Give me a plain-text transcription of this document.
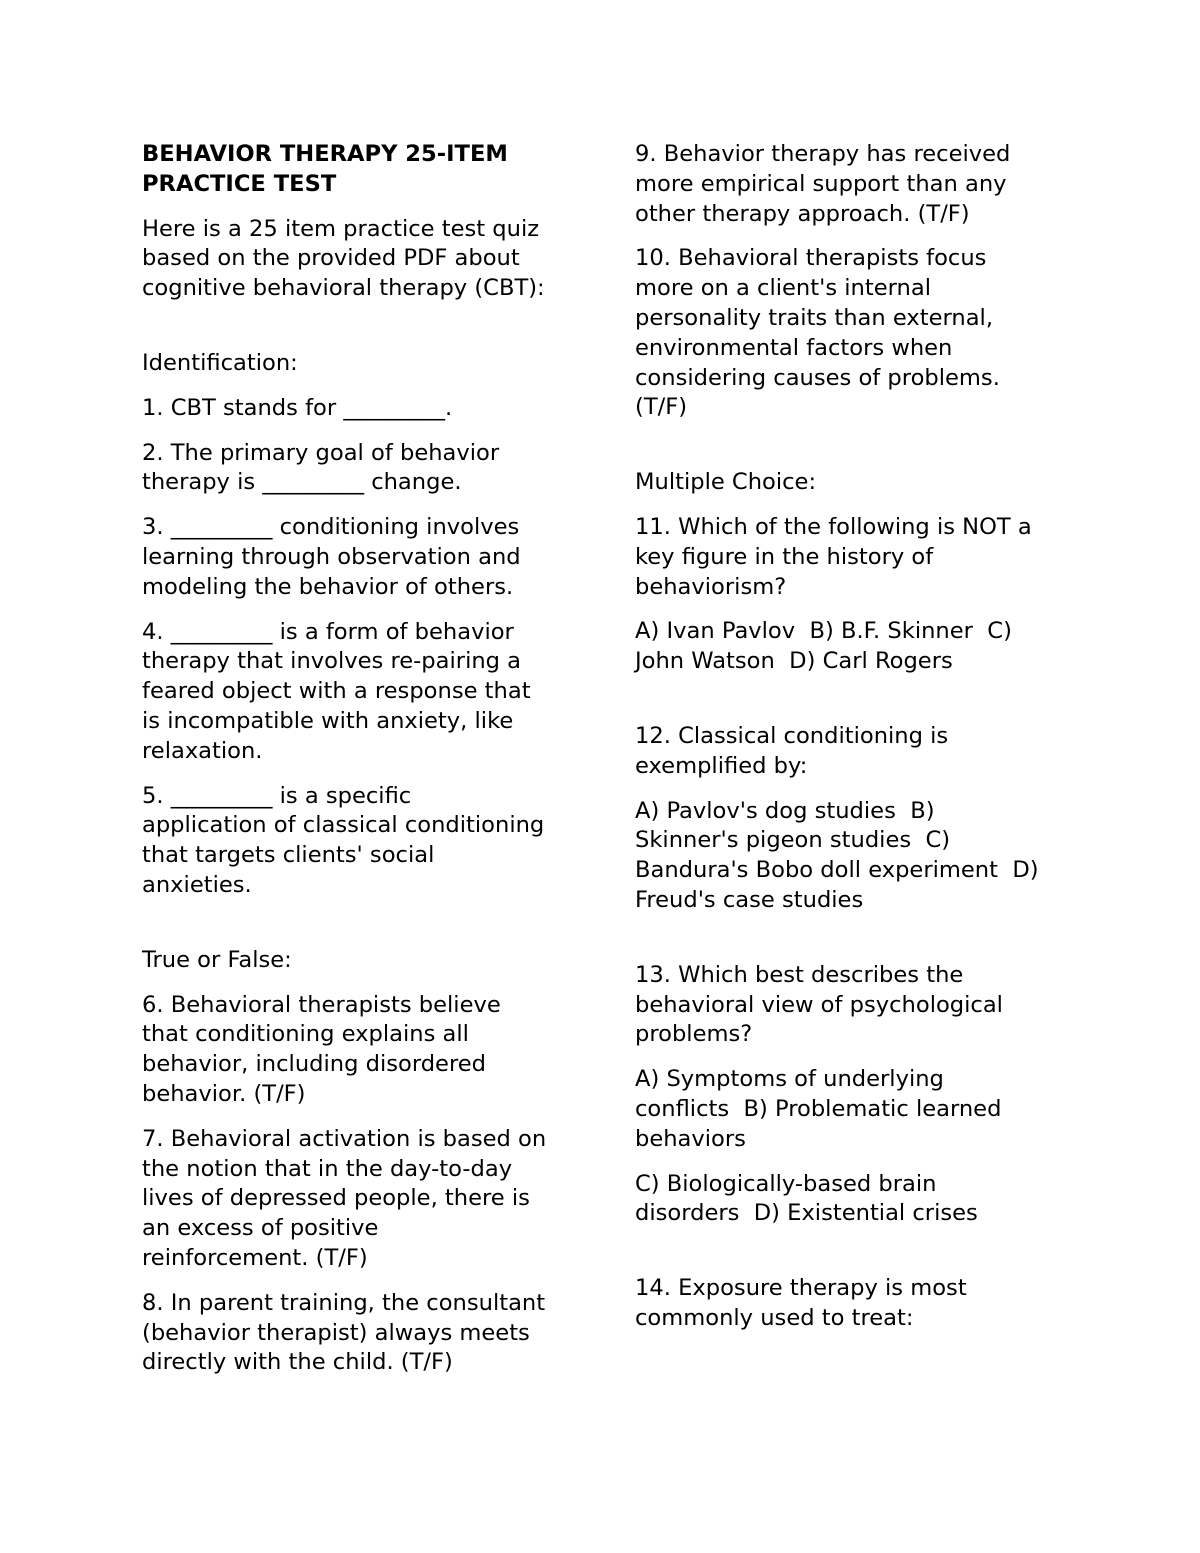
BEHAVIOR THERAPY 25-ITEM
PRACTICE TEST

Here is a 25 item practice test quiz
based on the provided PDF about
cognitive behavioral therapy (CBT):

Identification:

1. CBT stands for _________.

2. The primary goal of behavior
therapy is _________ change.

3. _________ conditioning involves
learning through observation and
modeling the behavior of others.

4. _________ is a form of behavior
therapy that involves re-pairing a
feared object with a response that
is incompatible with anxiety, like
relaxation.

5. _________ is a specific
application of classical conditioning
that targets clients' social
anxieties.

True or False:

6. Behavioral therapists believe
that conditioning explains all
behavior, including disordered
behavior. (T/F)

7. Behavioral activation is based on
the notion that in the day-to-day
lives of depressed people, there is
an excess of positive
reinforcement. (T/F)

8. In parent training, the consultant
(behavior therapist) always meets
directly with the child. (T/F)

9. Behavior therapy has received
more empirical support than any
other therapy approach. (T/F)

10. Behavioral therapists focus
more on a client's internal
personality traits than external,
environmental factors when
considering causes of problems.
(T/F)

Multiple Choice:

11. Which of the following is NOT a
key figure in the history of
behaviorism?

A) Ivan Pavlov  B) B.F. Skinner  C)
John Watson  D) Carl Rogers

12. Classical conditioning is
exemplified by:

A) Pavlov's dog studies  B)
Skinner's pigeon studies  C)
Bandura's Bobo doll experiment  D)
Freud's case studies

13. Which best describes the
behavioral view of psychological
problems?

A) Symptoms of underlying
conflicts  B) Problematic learned
behaviors

C) Biologically-based brain
disorders  D) Existential crises

14. Exposure therapy is most
commonly used to treat:
